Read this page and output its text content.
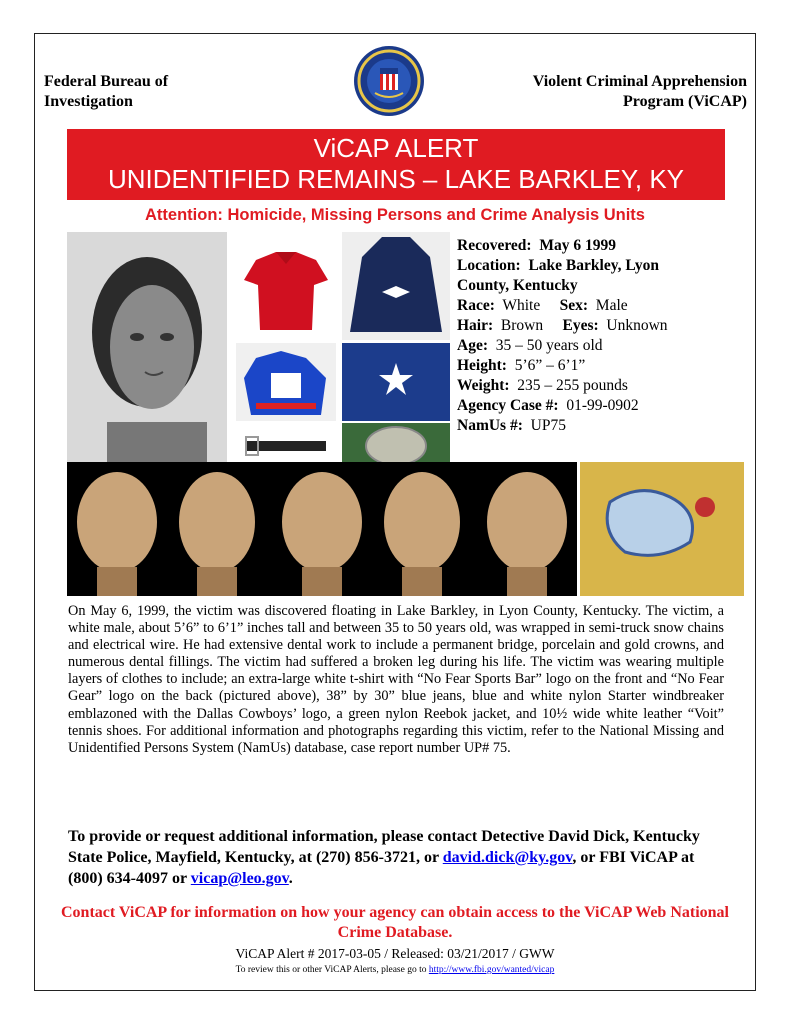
Federal Bureau of
Investigation
Violent Criminal Apprehension
Program (ViCAP)
ViCAP ALERT
UNIDENTIFIED REMAINS – LAKE BARKLEY, KY
Attention: Homicide, Missing Persons and Crime Analysis Units
Recovered: May 6 1999
Location: Lake Barkley, Lyon
County, Kentucky
Race: White Sex: Male
Hair: Brown Eyes: Unknown
Age: 35 – 50 years old
Height: 5’6” – 6’1”
Weight: 235 – 255 pounds
Agency Case #: 01-99-0902
NamUs #: UP75
On May 6, 1999, the victim was discovered floating in Lake Barkley, in Lyon County, Kentucky. The victim, a white male, about 5’6” to 6’1” inches tall and between 35 to 50 years old, was wrapped in semi-truck snow chains and electrical wire. He had extensive dental work to include a permanent bridge, porcelain and gold crowns, and numerous dental fillings. The victim had suffered a broken leg during his life. The victim was wearing multiple layers of clothes to include; an extra-large white t-shirt with “No Fear Sports Bar” logo on the front and “No Fear Gear” logo on the back (pictured above), 38” by 30” blue jeans, blue and white nylon Starter windbreaker emblazoned with the Dallas Cowboys’ logo, a green nylon Reebok jacket, and 10½ wide white leather “Voit” tennis shoes. For additional information and photographs regarding this victim, refer to the National Missing and Unidentified Persons System (NamUs) database, case report number UP# 75.
To provide or request additional information, please contact Detective David Dick, Kentucky State Police, Mayfield, Kentucky, at (270) 856-3721, or david.dick@ky.gov, or FBI ViCAP at (800) 634-4097 or vicap@leo.gov.
Contact ViCAP for information on how your agency can obtain access to the ViCAP Web National Crime Database.
ViCAP Alert # 2017-03-05 / Released: 03/21/2017 / GWW
To review this or other ViCAP Alerts, please go to http://www.fbi.gov/wanted/vicap
